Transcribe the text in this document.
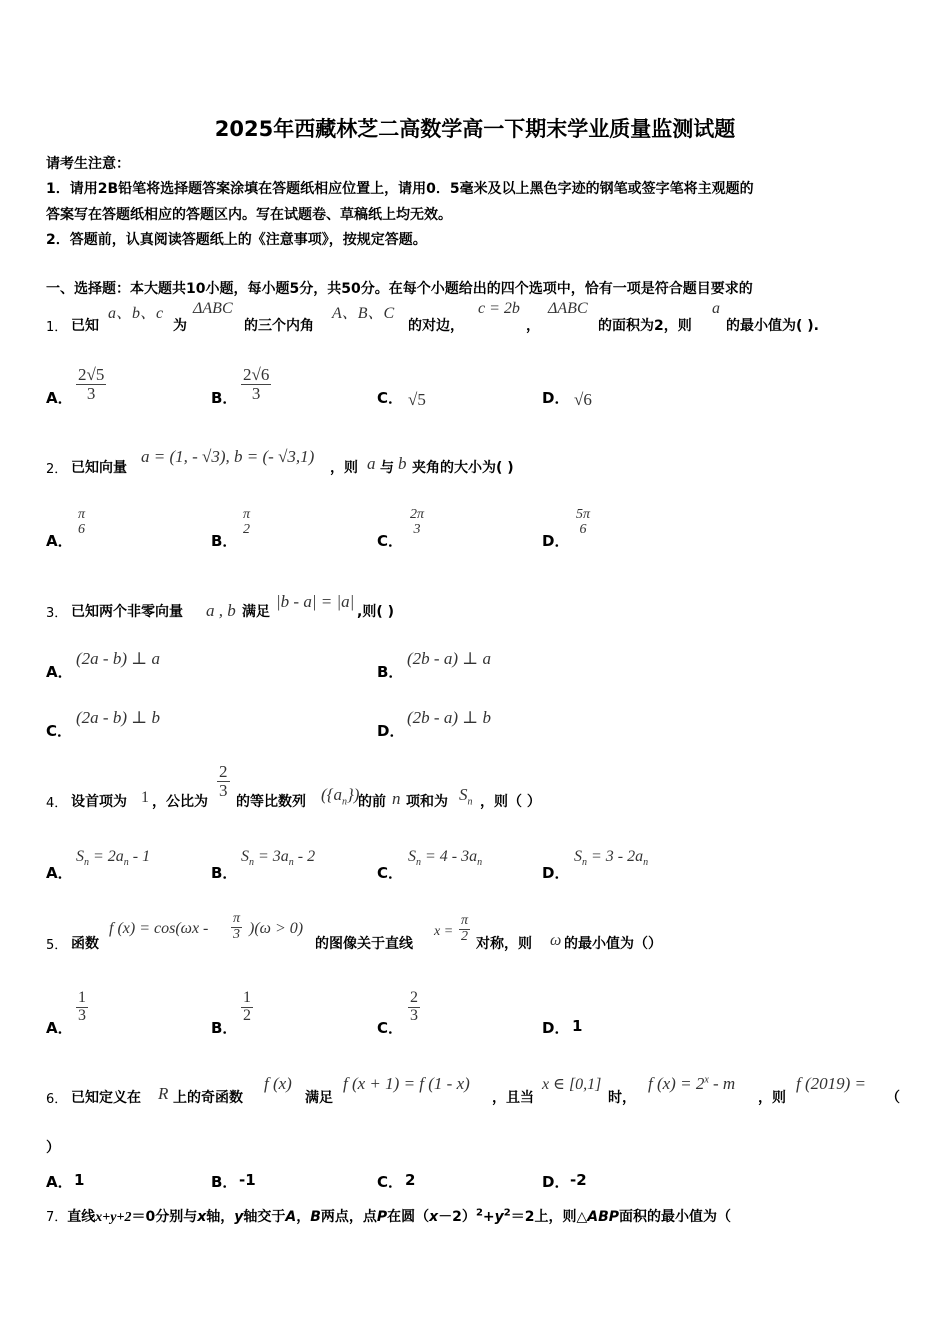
2025年西藏林芝二高数学高一下期末学业质量监测试题
请考生注意：
1．请用2B铅笔将选择题答案涂填在答题纸相应位置上，请用0．5毫米及以上黑色字迹的钢笔或签字笔将主观题的
答案写在答题纸相应的答题区内。写在试题卷、草稿纸上均无效。
2．答题前，认真阅读答题纸上的《注意事项》，按规定答题。
一、选择题：本大题共10小题，每小题5分，共50分。在每个小题给出的四个选项中，恰有一项是符合题目要求的
1． 已知
a、b、c
为
ΔABC
的三个内角
A、B、C
的对边，
c = 2b
，
ΔABC
的面积为2，则
a
的最小值为( ).
A． $\frac{2√5}{3}$	B． $\frac{2√6}{3}$	C． √5	D． √6
2． 已知向量
a = (1, - √3), b = (- √3,1)
，则 a 与 b 夹角的大小为( )
A．
π
6
B．
π
2
C．
2π
3
D．
5π
6
3． 已知两个非零向量 a , b 满足
|b - a| = |a|
,则( )
A．
(2a - b) ⊥ a
B．
(2b - a) ⊥ a
C．
(2a - b) ⊥ b
D．
(2b - a) ⊥ b
4． 设首项为 1 ，公比为
$\frac{2}{3}$
的等比数列 $(\{a_n\})$
的前 n 项和为 $S_n$ ，则（ ）
A．
$S_n = 2a_n - 1$
B．
$S_n = 3a_n - 2$
C．
$S_n = 4 - 3a_n$
D．
$S_n = 3 - 2a_n$
5． 函数
f $(x) = \cos(\omega x - \frac{\pi}{3} )(\omega > 0)$
的图像关于直线
$x = \frac{\pi}{2}$ 对称，则 ω 的最小值为（）
A．
$\frac{1}{3}$
B．
$\frac{1}{2}$
C．
$\frac{2}{3}$
D． 1
6． 已知定义在 R 上的奇函数
f (x)
满足
f (x + 1) = f (1 - x)
，且当
x ∈ [0,1]
时，
f $(x) = 2^x - m$
，则
f (2019) =
（
）
A． 1	B． -1	C． 2	D． -2
7．直线x+y+2＝0分别与x轴，y轴交于A，B两点，点P在圆$(x-2)^2+y^2=2$上，则△ABP面积的最小值为（
